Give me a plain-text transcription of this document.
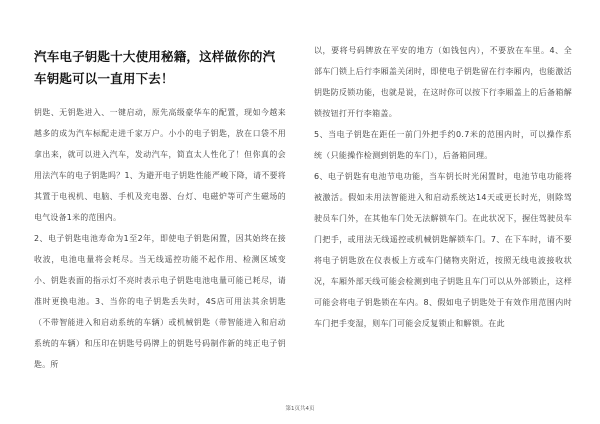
汽车电子钥匙十大使用秘籍，这样做你的汽车钥匙可以一直用下去！

钥匙、无钥匙进入、一键启动，原先高级豪华车的配置，现如今越来越多的成为汽车标配走进千家万户。小小的电子钥匙，放在口袋不用拿出来，就可以进入汽车，发动汽车，简直太人性化了！但你真的会用法汽车的电子钥匙吗？1、为避开电子钥匙性能严峻下降，请不要将其置于电视机、电脑、手机及充电器、台灯、电磁炉等可产生磁场的电气设备1米的范围内。

2、电子钥匙电池寿命为1至2年，即使电子钥匙闲置，因其始终在接收波，电池电量将会耗尽。当无线遥控功能不起作用、检测区域变小、钥匙表面的指示灯不亮时表示电子钥匙电池电量可能已耗尽，请准时更换电池。3、当你的电子钥匙丢失时，4S店可用法其余钥匙（不带智能进入和启动系统的车辆）或机械钥匙（带智能进入和启动系统的车辆）和压印在钥匙号码牌上的钥匙号码制作新的纯正电子钥匙。所

以，要将号码牌放在平安的地方（如钱包内），不要放在车里。4、全部车门锁上后行李厢盖关闭时，即使电子钥匙留在行李厢内，也能激活钥匙防反锁功能，也就是说，在这时你可以按下行李厢盖上的后备箱解锁按钮打开行李箱盖。

5、当电子钥匙在距任一前门外把手约0.7米的范围内时，可以操作系统（只能操作检测到钥匙的车门），后备箱同理。

6、电子钥匙有电池节电功能，当车钥长时光闲置时，电池节电功能将被激活。假如未用法智能进入和启动系统达14天或更长时光，则除驾驶员车门外，在其他车门处无法解锁车门。在此状况下，握住驾驶员车门把手，或用法无线遥控或机械钥匙解锁车门。7、在下车时，请不要将电子钥匙放在仪表板上方或车门储物夹附近，按照无线电波接收状况，车厢外部天线可能会检测到电子钥匙且车门可以从外部锁止，这样可能会将电子钥匙锁在车内。8、假如电子钥匙处于有效作用范围内时车门把手变湿，则车门可能会反复锁止和解锁。在此

第1页共4页
